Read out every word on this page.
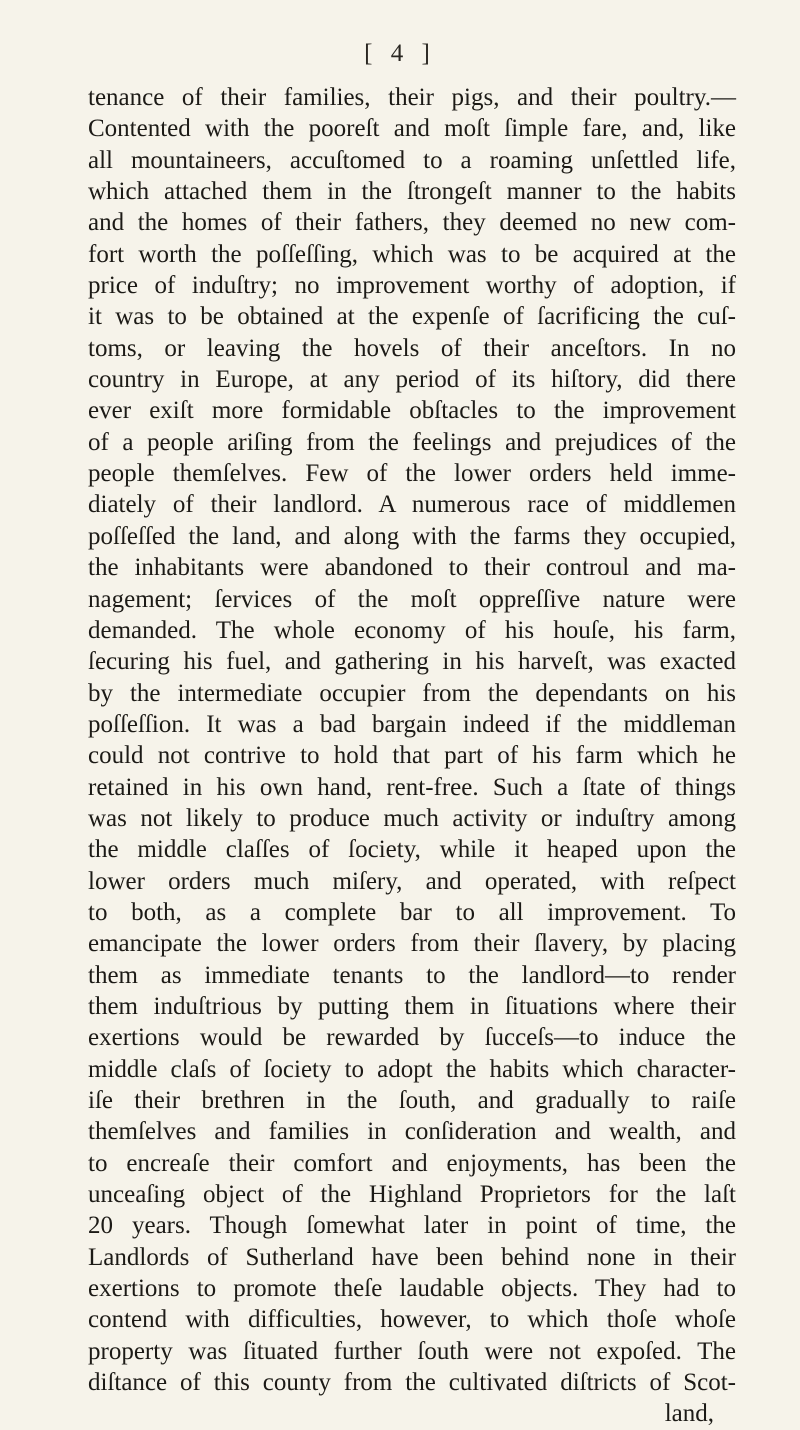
[ 4 ]
tenance of their families, their pigs, and their poultry.—
Contented with the pooreſt and moſt ſimple fare, and, like
all mountaineers, accuſtomed to a roaming unſettled life,
which attached them in the ſtrongeſt manner to the habits
and the homes of their fathers, they deemed no new com-
fort worth the poſſeſſing, which was to be acquired at the
price of induſtry; no improvement worthy of adoption, if
it was to be obtained at the expenſe of ſacrificing the cuſ-
toms, or leaving the hovels of their anceſtors. In no
country in Europe, at any period of its hiſtory, did there
ever exiſt more formidable obſtacles to the improvement
of a people ariſing from the feelings and prejudices of the
people themſelves. Few of the lower orders held imme-
diately of their landlord. A numerous race of middlemen
poſſeſſed the land, and along with the farms they occupied,
the inhabitants were abandoned to their controul and ma-
nagement; ſervices of the moſt oppreſſive nature were
demanded. The whole economy of his houſe, his farm,
ſecuring his fuel, and gathering in his harveſt, was exacted
by the intermediate occupier from the dependants on his
poſſeſſion. It was a bad bargain indeed if the middleman
could not contrive to hold that part of his farm which he
retained in his own hand, rent-free. Such a ſtate of things
was not likely to produce much activity or induſtry among
the middle claſſes of ſociety, while it heaped upon the
lower orders much miſery, and operated, with reſpect
to both, as a complete bar to all improvement. To
emancipate the lower orders from their ſlavery, by placing
them as immediate tenants to the landlord—to render
them induſtrious by putting them in ſituations where their
exertions would be rewarded by ſucceſs—to induce the
middle claſs of ſociety to adopt the habits which character-
iſe their brethren in the ſouth, and gradually to raiſe
themſelves and families in conſideration and wealth, and
to encreaſe their comfort and enjoyments, has been the
unceaſing object of the Highland Proprietors for the laſt
20 years. Though ſomewhat later in point of time, the
Landlords of Sutherland have been behind none in their
exertions to promote theſe laudable objects. They had to
contend with difficulties, however, to which thoſe whoſe
property was ſituated further ſouth were not expoſed. The
diſtance of this county from the cultivated diſtricts of Scot-
land,
